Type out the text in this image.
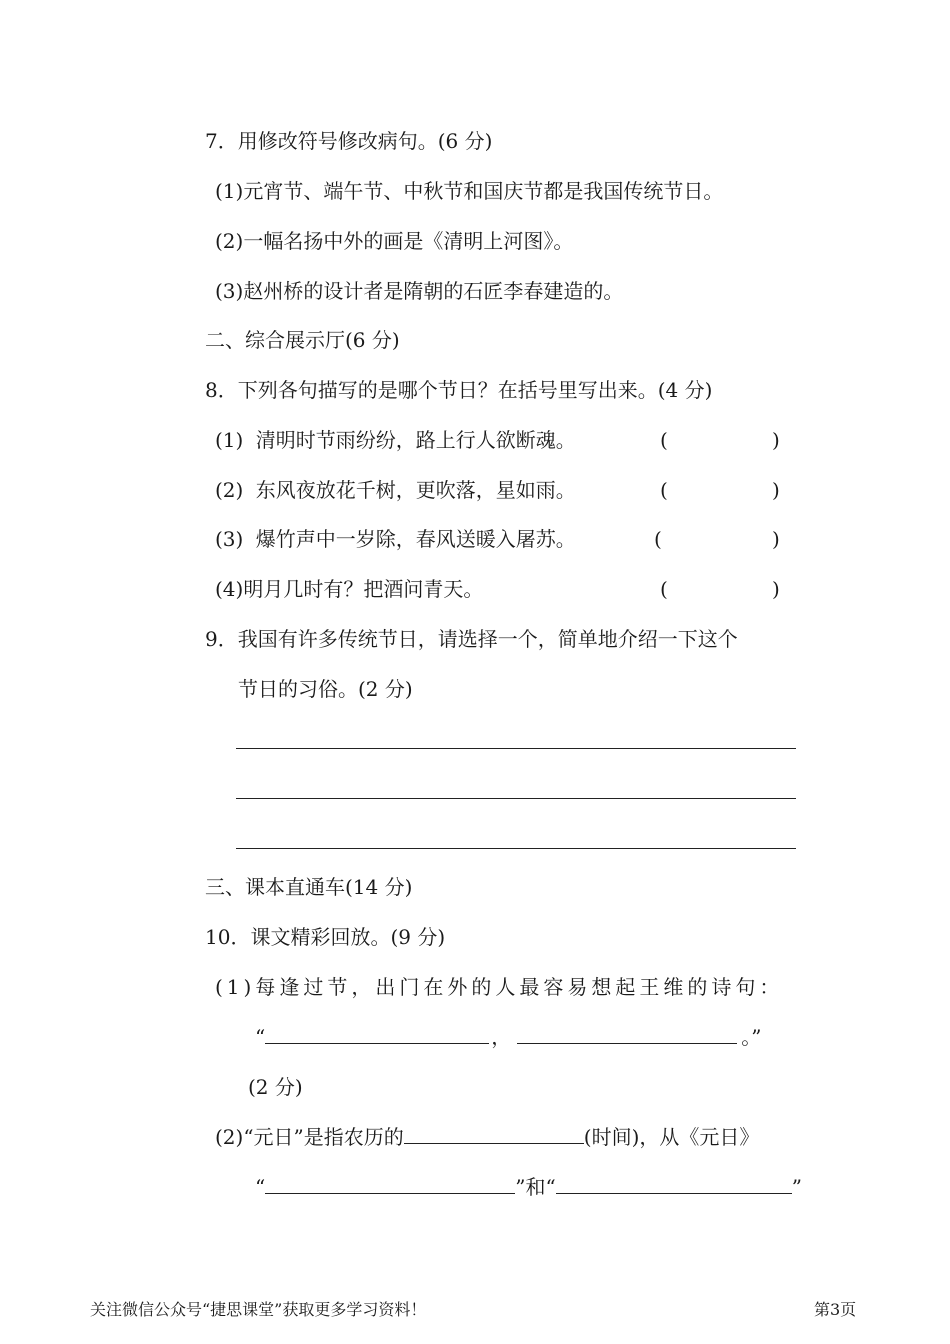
7．用修改符号修改病句。(6 分)
(1)元宵节、端午节、中秋节和国庆节都是我国传统节日。
(2)一幅名扬中外的画是《清明上河图》。
(3)赵州桥的设计者是隋朝的石匠李春建造的。
二、综合展示厅(6 分)
8．下列各句描写的是哪个节日？在括号里写出来。(4 分)
(1) 清明时节雨纷纷，路上行人欲断魂。	(	)
(2) 东风夜放花千树，更吹落，星如雨。	(	)
(3) 爆竹声中一岁除，春风送暖入屠苏。	(	)
(4)明月几时有？把酒问青天。	(	)
9．我国有许多传统节日，请选择一个，简单地介绍一下这个
节日的习俗。(2 分)
三、课本直通车(14 分)
10．课文精彩回放。(9 分)
(1)每逢过节，出门在外的人最容易想起王维的诗句：
“	，	。”
(2 分)
(2)“元日”是指农历的	(时间)，从《元日》
“	”和“	”
关注微信公众号“捷思课堂”获取更多学习资料！	第3页
